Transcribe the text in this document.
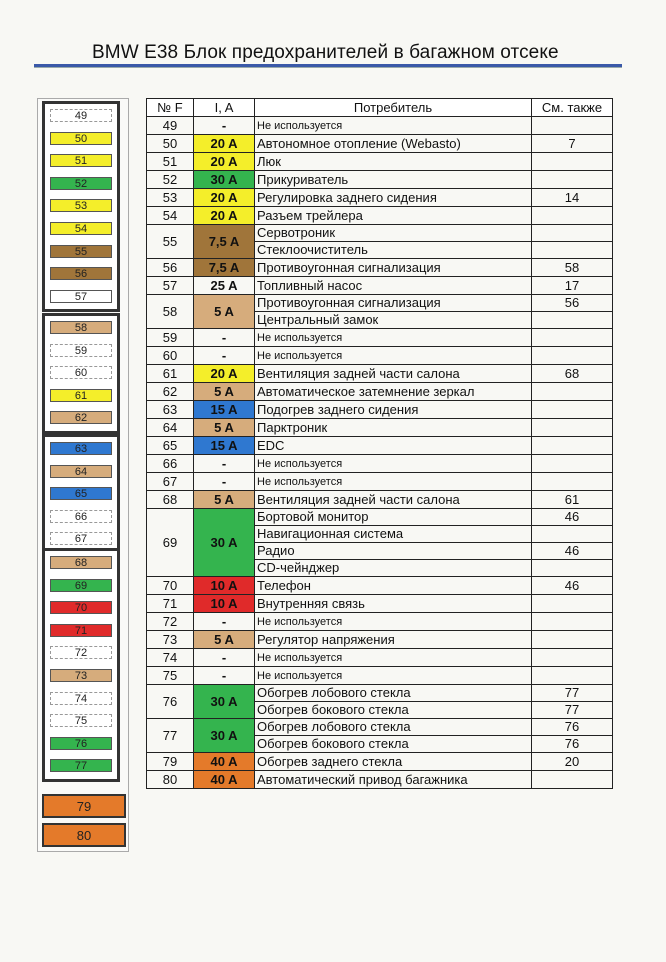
BMW E38 Блок предохранителей в багажном отсеке
49
50
51
52
53
54
55
56
57
58
59
60
61
62
63
64
65
66
67
68
69
70
71
72
73
74
75
76
77
79
80
№ F	I, A	Потребитель	См. также
49	-	Не используется	
50	20 A	Автономное отопление (Webasto)	7
51	20 A	Люк	
52	30 A	Прикуриватель	
53	20 A	Регулировка заднего сидения	14
54	20 A	Разъем трейлера	
55	7,5 A	Сервотроник	
		Стеклоочиститель	
56	7,5 A	Противоугонная сигнализация	58
57	25 A	Топливный насос	17
58	5 A	Противоугонная сигнализация	56
		Центральный замок	
59	-	Не используется	
60	-	Не используется	
61	20 A	Вентиляция задней части салона	68
62	5 A	Автоматическое затемнение зеркал	
63	15 A	Подогрев заднего сидения	
64	5 A	Парктроник	
65	15 A	EDC	
66	-	Не используется	
67	-	Не используется	
68	5 A	Вентиляция задней части салона	61
69	30 A	Бортовой монитор	46
		Навигационная система	
		Радио	46
		CD-чейнджер	
70	10 A	Телефон	46
71	10 A	Внутренняя связь	
72	-	Не используется	
73	5 A	Регулятор напряжения	
74	-	Не используется	
75	-	Не используется	
76	30 A	Обогрев лобового стекла	77
		Обогрев бокового стекла	77
77	30 A	Обогрев лобового стекла	76
		Обогрев бокового стекла	76
79	40 A	Обогрев заднего стекла	20
80	40 A	Автоматический привод багажника	
